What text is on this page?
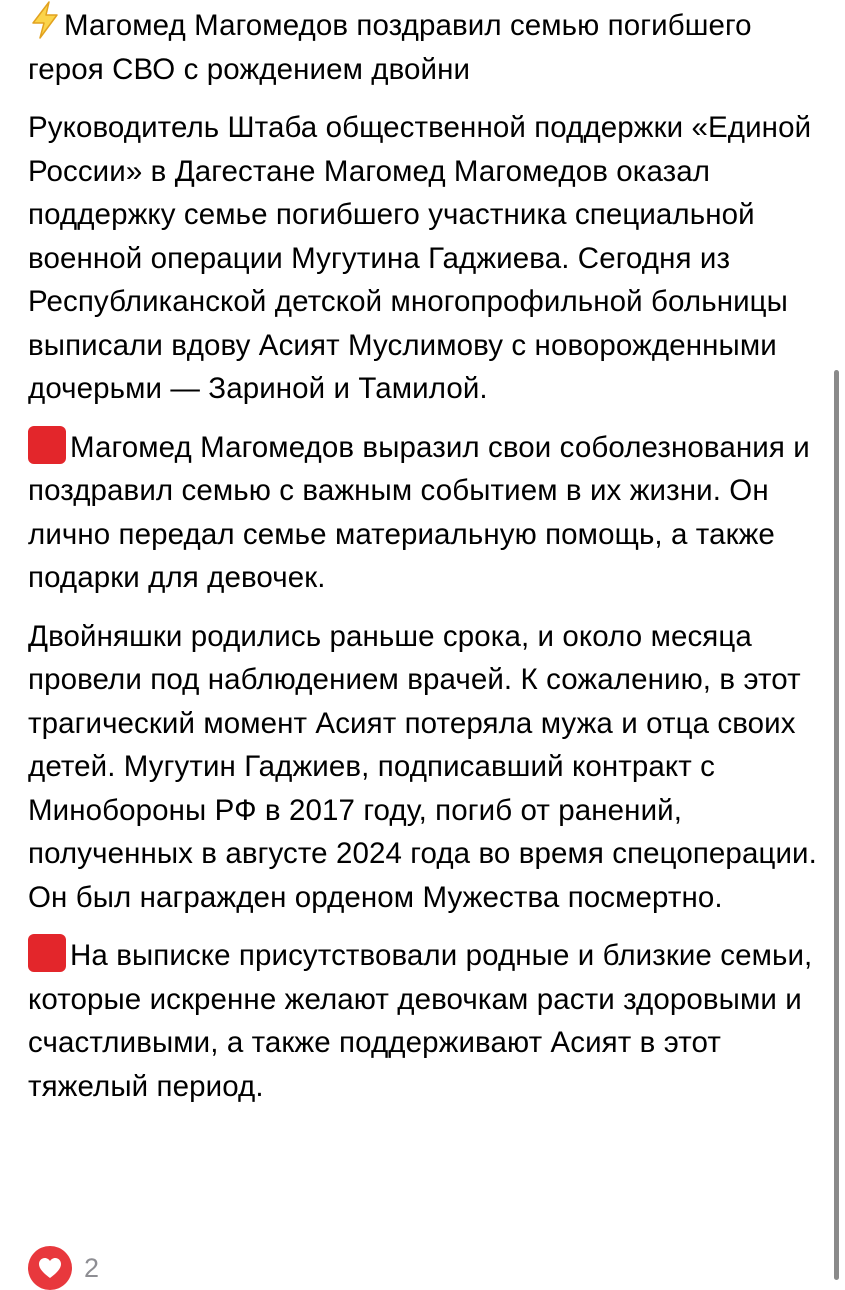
Магомед Магомедов поздравил семью погибшего героя СВО с рождением двойни

Руководитель Штаба общественной поддержки «Единой России» в Дагестане Магомед Магомедов оказал поддержку семье погибшего участника специальной военной операции Мугутина Гаджиева. Сегодня из Республиканской детской многопрофильной больницы выписали вдову Асият Муслимову с новорожденными дочерьми — Зариной и Тамилой.

Магомед Магомедов выразил свои соболезнования и поздравил семью с важным событием в их жизни. Он лично передал семье материальную помощь, а также подарки для девочек.

Двойняшки родились раньше срока, и около месяца провели под наблюдением врачей. К сожалению, в этот трагический момент Асият потеряла мужа и отца своих детей. Мугутин Гаджиев, подписавший контракт с Минобороны РФ в 2017 году, погиб от ранений, полученных в августе 2024 года во время спецоперации. Он был награжден орденом Мужества посмертно.

На выписке присутствовали родные и близкие семьи, которые искренне желают девочкам расти здоровыми и счастливыми, а также поддерживают Асият в этот тяжелый период.

2
